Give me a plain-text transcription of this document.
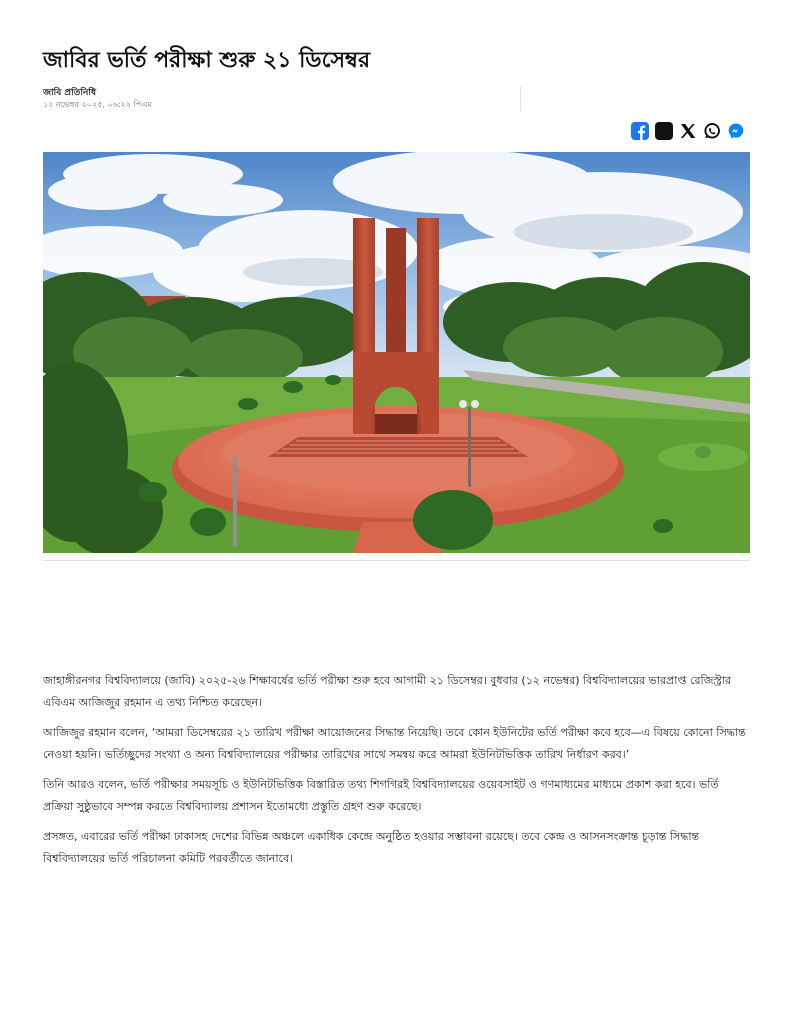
জাবির ভর্তি পরীক্ষা শুরু ২১ ডিসেম্বর
জাবি প্রতিনিধি
১২ নভেম্বর ২০২৫, ০৬:২২ পিএম

জাহাঙ্গীরনগর বিশ্ববিদ্যালয়ে (জাবি) ২০২৫-২৬ শিক্ষাবর্ষের ভর্তি পরীক্ষা শুরু হবে আগামী ২১ ডিসেম্বর। বুধবার (১২ নভেম্বর) বিশ্ববিদ্যালয়ের ভারপ্রাপ্ত রেজিস্ট্রার এবিএম আজিজুর রহমান এ তথ্য নিশ্চিত করেছেন।

আজিজুর রহমান বলেন, ‘আমরা ডিসেম্বরের ২১ তারিখ পরীক্ষা আয়োজনের সিদ্ধান্ত নিয়েছি। তবে কোন ইউনিটের ভর্তি পরীক্ষা কবে হবে—এ বিষয়ে কোনো সিদ্ধান্ত নেওয়া হয়নি। ভর্তিচ্ছুদের সংখ্যা ও অন্য বিশ্ববিদ্যালয়ের পরীক্ষার তারিখের সাথে সমন্বয় করে আমরা ইউনিটভিত্তিক তারিখ নির্ধারণ করব।’

তিনি আরও বলেন, ভর্তি পরীক্ষার সময়সূচি ও ইউনিটভিত্তিক বিস্তারিত তথ্য শিগগিরই বিশ্ববিদ্যালয়ের ওয়েবসাইট ও গণমাধ্যমের মাধ্যমে প্রকাশ করা হবে। ভর্তি প্রক্রিয়া সুষ্ঠুভাবে সম্পন্ন করতে বিশ্ববিদ্যালয় প্রশাসন ইতোমধ্যে প্রস্তুতি গ্রহণ শুরু করেছে।

প্রসঙ্গত, এবারের ভর্তি পরীক্ষা ঢাকাসহ দেশের বিভিন্ন অঞ্চলে একাধিক কেন্দ্রে অনুষ্ঠিত হওয়ার সম্ভাবনা রয়েছে। তবে কেন্দ্র ও আসনসংক্রান্ত চূড়ান্ত সিদ্ধান্ত বিশ্ববিদ্যালয়ের ভর্তি পরিচালনা কমিটি পরবর্তীতে জানাবে।
